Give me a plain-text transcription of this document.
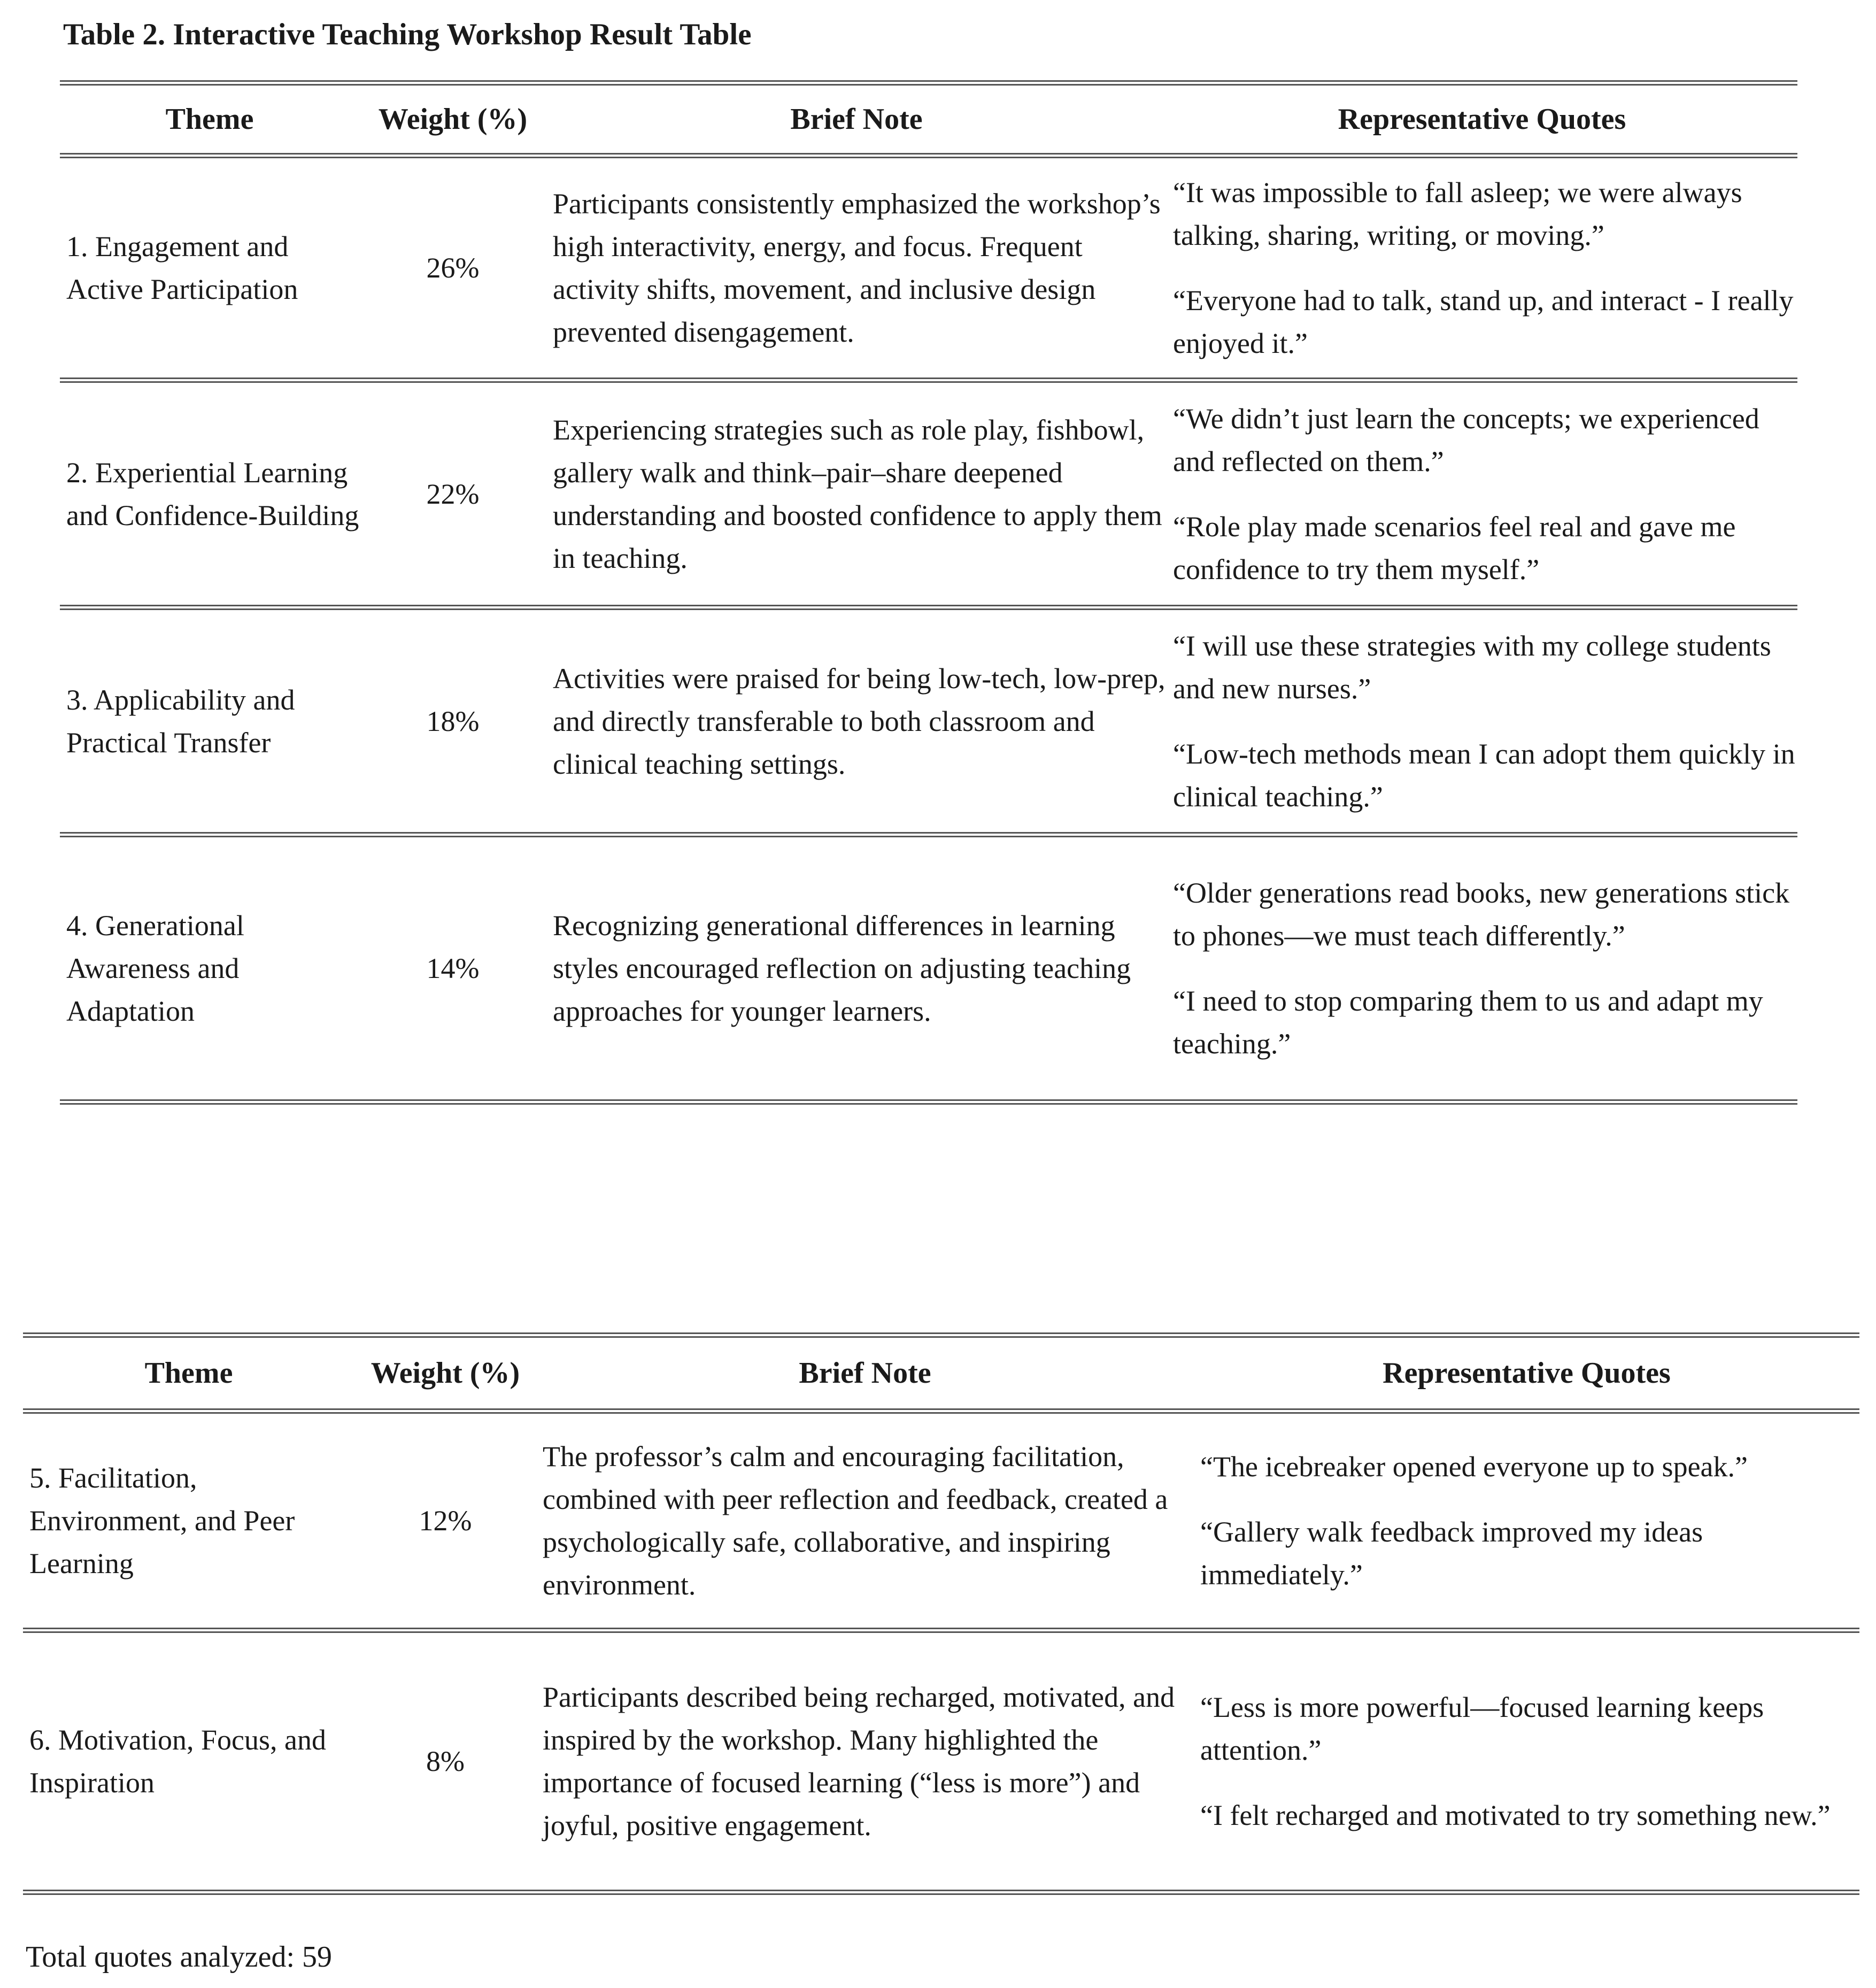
Table 2. Interactive Teaching Workshop Result Table

Theme	Weight (%)	Brief Note	Representative Quotes
1. Engagement and Active Participation	26%	Participants consistently emphasized the workshop’s high interactivity, energy, and focus. Frequent activity shifts, movement, and inclusive design prevented disengagement.	“It was impossible to fall asleep; we were always talking, sharing, writing, or moving.”

“Everyone had to talk, stand up, and interact - I really enjoyed it.”

2. Experiential Learning and Confidence-Building	22%	Experiencing strategies such as role play, fishbowl, gallery walk and think–pair–share deepened understanding and boosted confidence to apply them in teaching.	“We didn’t just learn the concepts; we experienced and reflected on them.”

“Role play made scenarios feel real and gave me confidence to try them myself.”

3. Applicability and Practical Transfer	18%	Activities were praised for being low-tech, low-prep, and directly transferable to both classroom and clinical teaching settings.	“I will use these strategies with my college students and new nurses.”

“Low-tech methods mean I can adopt them quickly in clinical teaching.”

4. Generational Awareness and Adaptation	14%	Recognizing generational differences in learning styles encouraged reflection on adjusting teaching approaches for younger learners.	“Older generations read books, new generations stick to phones—we must teach differently.”

“I need to stop comparing them to us and adapt my teaching.”

Theme	Weight (%)	Brief Note	Representative Quotes
5. Facilitation, Environment, and Peer Learning	12%	The professor’s calm and encouraging facilitation, combined with peer reflection and feedback, created a psychologically safe, collaborative, and inspiring environment.	“The icebreaker opened everyone up to speak.”

“Gallery walk feedback improved my ideas immediately.”

6. Motivation, Focus, and Inspiration	8%	Participants described being recharged, motivated, and inspired by the workshop. Many highlighted the importance of focused learning (“less is more”) and joyful, positive engagement.	“Less is more powerful—focused learning keeps attention.”

“I felt recharged and motivated to try something new.”

Total quotes analyzed: 59
